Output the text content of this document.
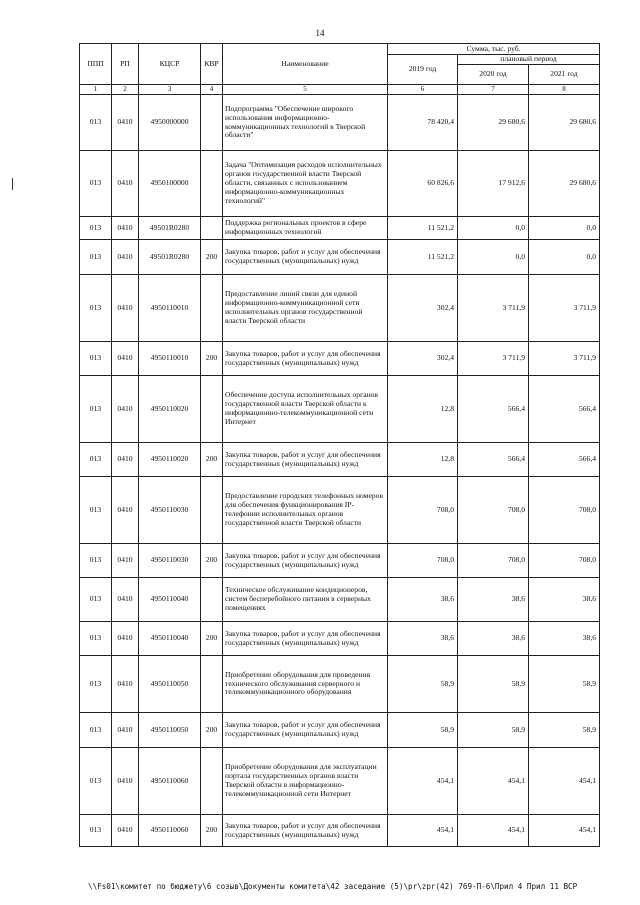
14
ППП	РП	КЦСР	КВР	Наименование	Сумма, тыс. руб.		
					2019 год	плановый период	
						2020 год	2021 год
1	2	3	4	5	6	7	8
013	0410	4950000000		Подпрограмма "Обеспечение широкого использования информационно-коммуникационных технологий в Тверской области"	78 420,4	29 680,6	29 680,6
013	0410	4950100000		Задача "Оптимизация расходов исполнительных органов государственной власти Тверской области, связанных с использованием информационно-коммуникационных технологий"	60 826,6	17 912,6	29 680,6
013	0410	49501R0280		Поддержка региональных проектов в сфере информационных технологий	11 521,2	0,0	0,0
013	0410	49501R0280	200	Закупка товаров, работ и услуг для обеспечения государственных (муниципальных) нужд	11 521,2	0,0	0,0
013	0410	4950110010		Предоставление линий связи для единой информационно-коммуникационной сети исполнительных органов государственной власти Тверской области	302,4	3 711,9	3 711,9
013	0410	4950110010	200	Закупка товаров, работ и услуг для обеспечения государственных (муниципальных) нужд	302,4	3 711,9	3 711,9
013	0410	4950110020		Обеспечение доступа исполнительных органов государственной власти Тверской области к информационно-телекоммуникационной сети Интернет	12,8	566,4	566,4
013	0410	4950110020	200	Закупка товаров, работ и услуг для обеспечения государственных (муниципальных) нужд	12,8	566,4	566,4
013	0410	4950110030		Предоставление городских телефонных номеров для обеспечения функционирования IP-телефонии исполнительных органов государственной власти Тверской области	708,0	708,0	708,0
013	0410	4950110030	200	Закупка товаров, работ и услуг для обеспечения государственных (муниципальных) нужд	708,0	708,0	708,0
013	0410	4950110040		Техническое обслуживание кондиционеров, систем бесперебойного питания в серверных помещениях	38,6	38,6	38,6
013	0410	4950110040	200	Закупка товаров, работ и услуг для обеспечения государственных (муниципальных) нужд	38,6	38,6	38,6
013	0410	4950110050		Приобретение оборудования для проведения технического обслуживания серверного и телекоммуникационного оборудования	58,9	58,9	58,9
013	0410	4950110050	200	Закупка товаров, работ и услуг для обеспечения государственных (муниципальных) нужд	58,9	58,9	58,9
013	0410	4950110060		Приобретение оборудования для эксплуатации портала государственных органов власти Тверской области в информационно-телекоммуникационной сети Интернет	454,1	454,1	454,1
013	0410	4950110060	200	Закупка товаров, работ и услуг для обеспечения государственных (муниципальных) нужд	454,1	454,1	454,1
\\Fs01\комитет по бюджету\6 созыв\Документы комитета\42 заседание (5)\pr\zpr(42) 769-П-6\Прил 4 Прил 11 ВСР
